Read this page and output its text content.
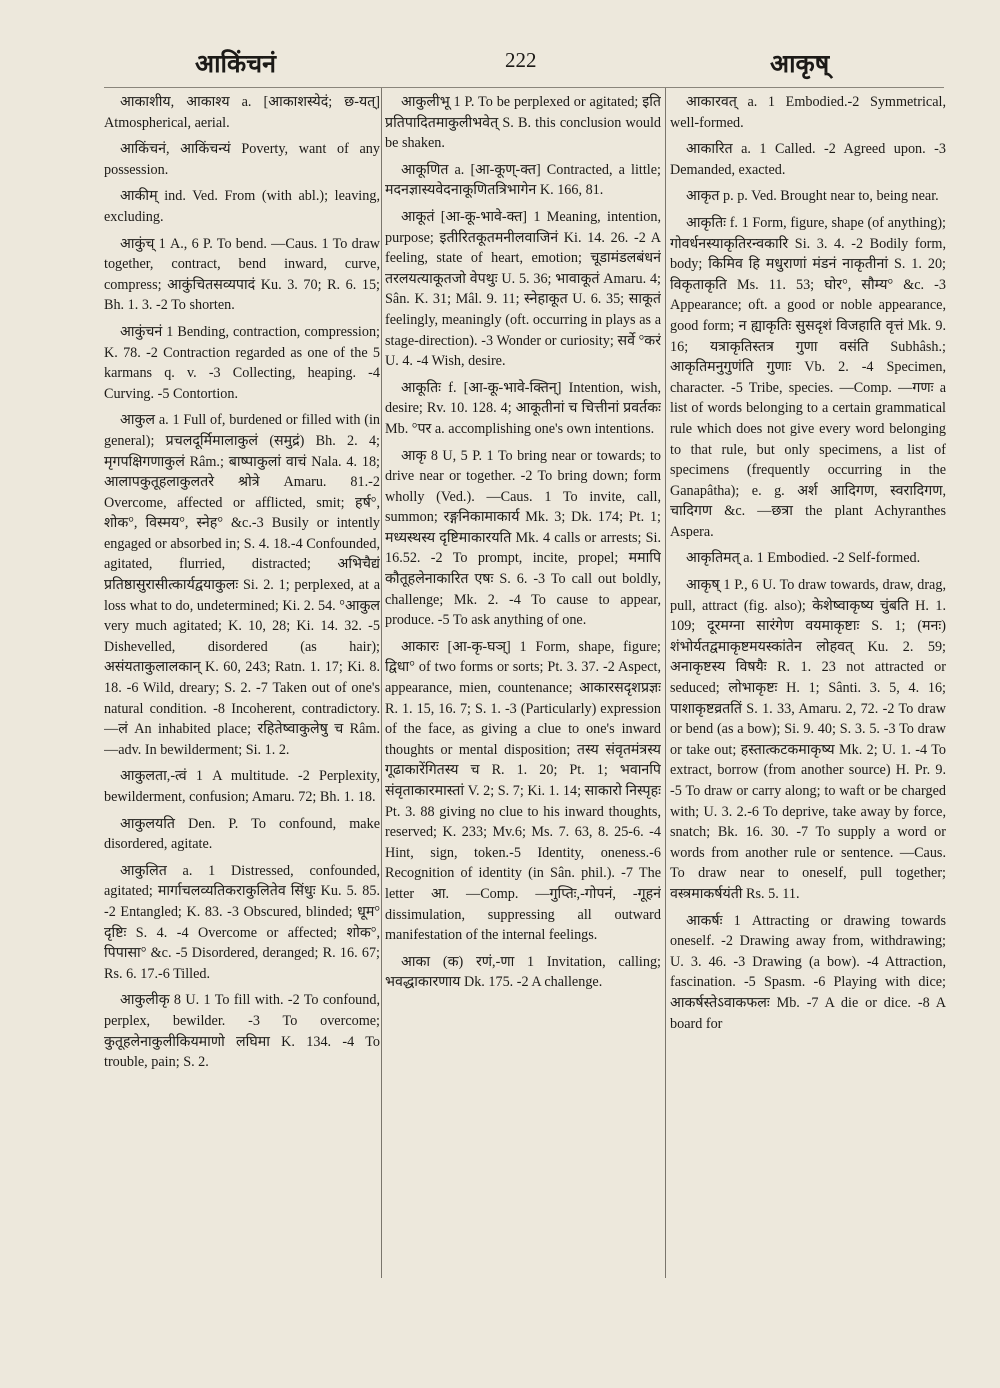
आकिंचनं	222	आकृष्

आकाशीय, आकाश्य a. [आकाशस्येदं; छ-यत्] Atmospherical, aerial.

आकिंचनं, आकिंचन्यं Poverty, want of any possession.

आकीम् ind. Ved. From (with abl.); leaving, excluding.

आकुंच् 1 A., 6 P. To bend. —Caus. 1 To draw together, contract, bend inward, curve, compress; आकुंचितसव्यपादं Ku. 3. 70; R. 6. 15; Bh. 1. 3. -2 To shorten.

आकुंचनं 1 Bending, contraction, compression; K. 78. -2 Contraction regarded as one of the 5 karmans q. v. -3 Collecting, heaping. -4 Curving. -5 Contortion.

आकुल a. 1 Full of, burdened or filled with (in general); प्रचलदूर्मिमालाकुलं (समुद्रं) Bh. 2. 4; मृगपक्षिगणाकुलं Râm.; बाष्पाकुलां वाचं Nala. 4. 18; आलापकुतूहलाकुलतरे श्रोत्रे Amaru. 81.-2 Overcome, affected or afflicted, smit; हर्ष°, शोक°, विस्मय°, स्नेह° &c.-3 Busily or intently engaged or absorbed in; S. 4. 18.-4 Confounded, agitated, flurried, distracted; अभिचैद्यं प्रतिष्ठासुरासीत्कार्यद्वयाकुलः Si. 2. 1; perplexed, at a loss what to do, undetermined; Ki. 2. 54. °आकुल very much agitated; K. 10, 28; Ki. 14. 32. -5 Dishevelled, disordered (as hair); असंयताकुलालकान् K. 60, 243; Ratn. 1. 17; Ki. 8. 18. -6 Wild, dreary; S. 2. -7 Taken out of one's natural condition. -8 Incoherent, contradictory. —लं An inhabited place; रहितेष्वाकुलेषु च Râm. —adv. In bewilderment; Si. 1. 2.

आकुलता,-त्वं 1 A multitude. -2 Perplexity, bewilderment, confusion; Amaru. 72; Bh. 1. 18.

आकुलयति Den. P. To confound, make disordered, agitate.

आकुलित a. 1 Distressed, confounded, agitated; मार्गाचलव्यतिकराकुलितेव सिंधुः Ku. 5. 85. -2 Entangled; K. 83. -3 Obscured, blinded; धूम° दृष्टिः S. 4. -4 Overcome or affected; शोक°, पिपासा° &c. -5 Disordered, deranged; R. 16. 67; Rs. 6. 17.-6 Tilled.

आकुलीकृ 8 U. 1 To fill with. -2 To confound, perplex, bewilder. -3 To overcome; कुतूहलेनाकुलीकियमाणो लघिमा K. 134. -4 To trouble, pain; S. 2.

आकुलीभू 1 P. To be perplexed or agitated; इति प्रतिपादितमाकुलीभवेत् S. B. this conclusion would be shaken.

आकूणित a. [आ-कूण्-क्त] Contracted, a little; मदनज्ञास्यवेदनाकूणितत्रिभागेन K. 166, 81.

आकूतं [आ-कू-भावे-क्त] 1 Meaning, intention, purpose; इतीरितकूतमनीलवाजिनं Ki. 14. 26. -2 A feeling, state of heart, emotion; चूडामंडलबंधनं तरलयत्याकूतजो वेपथुः U. 5. 36; भावाकूतं Amaru. 4; Sân. K. 31; Mâl. 9. 11; स्नेहाकूत U. 6. 35; साकूतं feelingly, meaningly (oft. occurring in plays as a stage-direction). -3 Wonder or curiosity; सर्वे °करं U. 4. -4 Wish, desire.

आकूतिः f. [आ-कू-भावे-क्तिन्] Intention, wish, desire; Rv. 10. 128. 4; आकूतीनां च चित्तीनां प्रवर्तकः Mb. °पर a. accomplishing one's own intentions.

आकृ 8 U, 5 P. 1 To bring near or towards; to drive near or together. -2 To bring down; form wholly (Ved.). —Caus. 1 To invite, call, summon; रङ्गनिकामाकार्य Mk. 3; Dk. 174; Pt. 1; मध्यस्थस्य दृष्टिमाकारयति Mk. 4 calls or arrests; Si. 16.52. -2 To prompt, incite, propel; ममापि कौतूहलेनाकारित एषः S. 6. -3 To call out boldly, challenge; Mk. 2. -4 To cause to appear, produce. -5 To ask anything of one.

आकारः [आ-कृ-घञ्] 1 Form, shape, figure; द्विधा° of two forms or sorts; Pt. 3. 37. -2 Aspect, appearance, mien, countenance; आकारसदृशप्रज्ञः R. 1. 15, 16. 7; S. 1. -3 (Particularly) expression of the face, as giving a clue to one's inward thoughts or mental disposition; तस्य संवृतमंत्रस्य गूढाकारेंगितस्य च R. 1. 20; Pt. 1; भवानपि संवृताकारमास्तां V. 2; S. 7; Ki. 1. 14; साकारो निस्पृहः Pt. 3. 88 giving no clue to his inward thoughts, reserved; K. 233; Mv.6; Ms. 7. 63, 8. 25-6. -4 Hint, sign, token.-5 Identity, oneness.-6 Recognition of identity (in Sân. phil.). -7 The letter आ. —Comp. —गुप्तिः,-गोपनं, -गूहनं dissimulation, suppressing all outward manifestation of the internal feelings.

आका (क) रणं,-णा 1 Invitation, calling; भवद्धाकारणाय Dk. 175. -2 A challenge.

आकारवत् a. 1 Embodied.-2 Symmetrical, well-formed.

आकारित a. 1 Called. -2 Agreed upon. -3 Demanded, exacted.

आकृत p. p. Ved. Brought near to, being near.

आकृतिः f. 1 Form, figure, shape (of anything); गोवर्धनस्याकृतिरन्वकारि Si. 3. 4. -2 Bodily form, body; किमिव हि मधुराणां मंडनं नाकृतीनां S. 1. 20; विकृताकृति Ms. 11. 53; घोर°, सौम्य° &c. -3 Appearance; oft. a good or noble appearance, good form; न ह्याकृतिः सुसदृशं विजहाति वृत्तं Mk. 9. 16; यत्राकृतिस्तत्र गुणा वसंति Subhâsh.; आकृतिमनुगुणंति गुणाः Vb. 2. -4 Specimen, character. -5 Tribe, species. —Comp. —गणः a list of words belonging to a certain grammatical rule which does not give every word belonging to that rule, but only specimens, a list of specimens (frequently occurring in the Ganapâtha); e. g. अर्श आदिगण, स्वरादिगण, चादिगण &c. —छत्रा the plant Achyranthes Aspera.

आकृतिमत् a. 1 Embodied. -2 Self-formed.

आकृष् 1 P., 6 U. To draw towards, draw, drag, pull, attract (fig. also); केशेष्वाकृष्य चुंबति H. 1. 109; दूरमग्ना सारंगेण वयमाकृष्टाः S. 1; (मनः) शंभोर्यतद्वमाकृष्टमयस्कांतेन लोहवत् Ku. 2. 59; अनाकृष्टस्य विषयैः R. 1. 23 not attracted or seduced; लोभाकृष्टः H. 1; Sânti. 3. 5, 4. 16; पाशाकृष्टव्रततिं S. 1. 33, Amaru. 2, 72. -2 To draw or bend (as a bow); Si. 9. 40; S. 3. 5. -3 To draw or take out; हस्तात्कटकमाकृष्य Mk. 2; U. 1. -4 To extract, borrow (from another source) H. Pr. 9. -5 To draw or carry along; to waft or be charged with; U. 3. 2.-6 To deprive, take away by force, snatch; Bk. 16. 30. -7 To supply a word or words from another rule or sentence. —Caus. To draw near to oneself, pull together; वस्त्रमाकर्षयंती Rs. 5. 11.

आकर्षः 1 Attracting or drawing towards oneself. -2 Drawing away from, withdrawing; U. 3. 46. -3 Drawing (a bow). -4 Attraction, fascination. -5 Spasm. -6 Playing with dice; आकर्षस्तेऽवाकफलः Mb. -7 A die or dice. -8 A board for
